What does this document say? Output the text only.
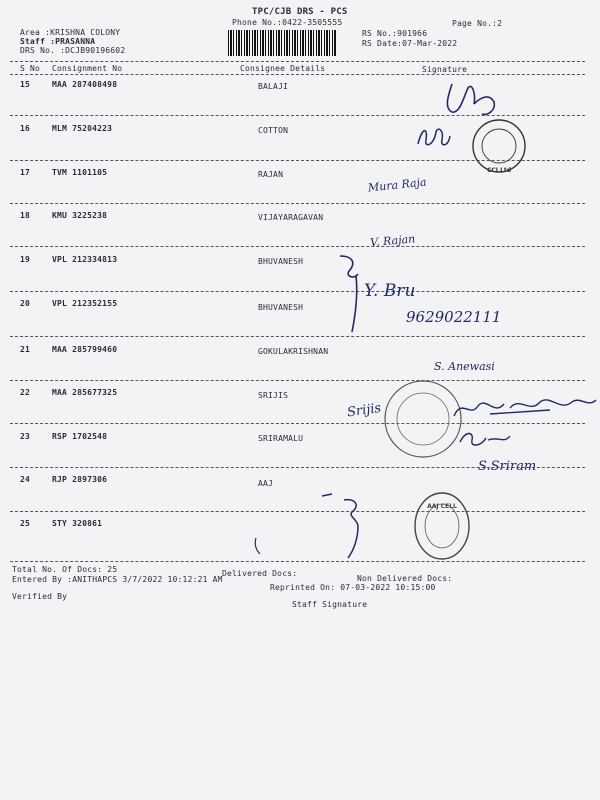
TPC/CJB DRS - PCS
Phone No.:0422-3505555	Page No.:2
Area :KRISHNA COLONY
Staff :PRASANNA
DRS No. :DCJB90196602
RS No.:901966
RS Date:07-Mar-2022
S No Consignment No	Consignee Details	Signature
15	MAA 287408498	BALAJI
16	MLM 75204223	COTTON
17	TVM 1101105	RAJAN
18	KMU 3225238	VIJAYARAGAVAN
19	VPL 212334813	BHUVANESH
20	VPL 212352155	BHUVANESH
21	MAA 285799460	GOKULAKRISHNAN
22	MAA 285677325	SRIJIS
23	RSP 1702548	SRIRAMALU
24	RJP 2897306	AAJ
25	STY 320861
Total No. Of Docs: 25	Delivered Docs:
Non Delivered Docs:
Entered By :ANITHAPCS 3/7/2022 10:12:21 AM
Reprinted On: 07-03-2022 10:15:00
Verified By
Staff Signature
CCI Ltd
Mura Raja
V. Rajan
Y. Bru
9629022111
S. Anewasi
Srijis
S.Sriram
AAJ CELL
